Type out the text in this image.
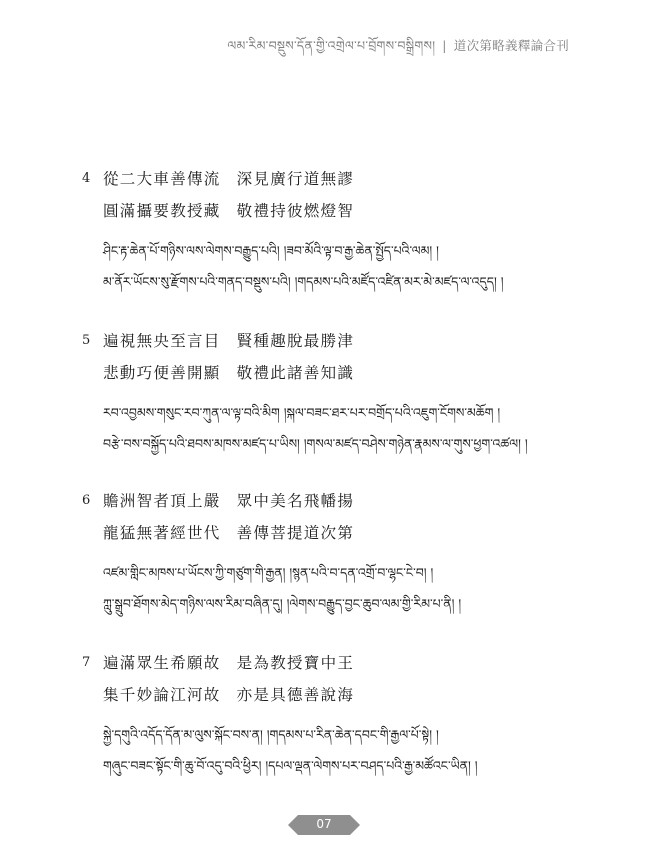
ལམ་རིམ་བསྡུས་དོན་གྱི་འགྲེལ་པ་བྲོགས་བསྒྲིགས། | 道次第略義釋論合刊
4 從二大車善傳流 深見廣行道無謬
圓滿攝要教授藏 敬禮持彼燃燈智
ཤིང་རྟ་ཆེན་པོ་གཉིས་ལས་ལེགས་བརྒྱུད་པའི། །ཟབ་མོའི་ལྟ་བ་རྒྱ་ཆེན་སྤྱོད་པའི་ལམ། །
མ་ནོར་ཡོངས་སུ་རྫོགས་པའི་གནད་བསྡུས་པའི། །གདམས་པའི་མཛོད་འཛིན་མར་མེ་མཛད་ལ་འདུད། །
5 遍視無央至言目 賢種趣脫最勝津
悲動巧便善開顯 敬禮此諸善知識
རབ་འབྱམས་གསུང་རབ་ཀུན་ལ་ལྟ་བའི་མིག །སྐལ་བཟང་ཐར་པར་བགྲོད་པའི་འཇུག་ངོགས་མཆོག །
བརྩེ་བས་བསྐྱོད་པའི་ཐབས་མཁས་མཛད་པ་ཡིས། །གསལ་མཛད་བཤེས་གཉེན་རྣམས་ལ་གུས་ཕྱག་འཚལ། །
6 贍洲智者頂上嚴 眾中美名飛幡揚
龍猛無著經世代 善傳菩提道次第
འཛམ་གླིང་མཁས་པ་ཡོངས་ཀྱི་གཙུག་གི་རྒྱན། །སྙན་པའི་བ་དན་འགྲོ་བ་ལྷང་ངེ་བ། །
ཀླུ་སྒྲུབ་ཐོགས་མེད་གཉིས་ལས་རིམ་བཞིན་དུ། །ལེགས་བརྒྱུད་བྱང་ཆུབ་ལམ་གྱི་རིམ་པ་ནི། །
7 遍滿眾生希願故 是為教授寶中王
集千妙論江河故 亦是具德善說海
སྐྱེ་དགུའི་འདོད་དོན་མ་ལུས་སྐོང་བས་ན། །གདམས་པ་རིན་ཆེན་དབང་གི་རྒྱལ་པོ་སྟེ། །
གཞུང་བཟང་སྟོང་གི་ཆུ་བོ་འདུ་བའི་ཕྱིར། །དཔལ་ལྡན་ལེགས་པར་བཤད་པའི་རྒྱ་མཚོའང་ཡིན། །
07
